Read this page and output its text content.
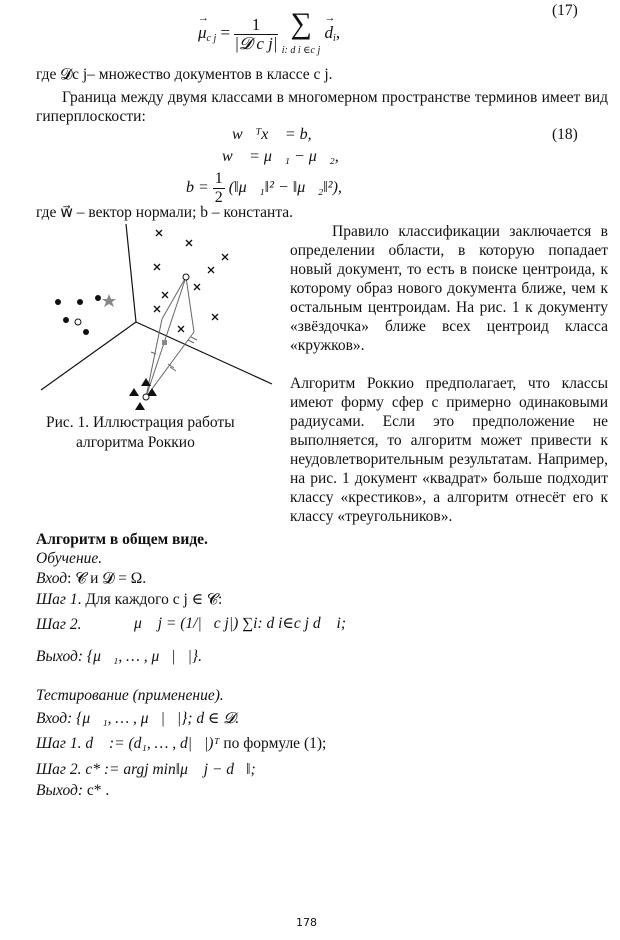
(17)
→ $\mu_{c j} = \frac{1}{\text{|𝓓 c j|}}$ ∑
i: d i ∈c $j \to d_i$,
где 𝓓c j– множество документов в классе c j.
Граница между двумя классами в многомерном пространстве терминов имеет вид гиперплоскости:
(18)
w⃗ᵀx⃗ = b,
w⃗ = μ⃗₁ − μ⃗₂,
$b = \frac{1}{2}$ (‖μ⃗₁‖² − ‖μ⃗₂‖²),
где w⃗ – вектор нормали; b – константа.
Рис. 1. Иллюстрация работы
алгоритма Роккио
Правило классификации заключается в определении области, в которую попадает новый документ, то есть в поиске центроида, к которому образ нового документа ближе, чем к остальным центроидам. На рис. 1 к документу «звёздочка» ближе всех центроид класса «кружков».
Алгоритм Роккио предполагает, что классы имеют форму сфер с примерно одинаковыми радиусами. Если это предположение не выполняется, то алгоритм может привести к неудовлетворительным результатам. Например, на рис. 1 документ «квадрат» больше подходит классу «крестиков», а алгоритм отнесёт его к классу «треугольников».
Алгоритм в общем виде.
Обучение.
Вход: 𝓒 и 𝓓 = Ω.
Шаг 1. Для каждого c j ∈ 𝓒:
Шаг 2.	μ⃗ j = (1/|𝓓c j|) ∑i: d i∈c j d⃗ i;
Выход: {μ⃗₁, … , μ⃗|𝓒|}.
Тестирование (применение).
Вход: {μ⃗₁, … , μ⃗|𝓒|}; d ∈ 𝓓.
Шаг 1. d⃗ := (d₁, … , d|𝒯|)ᵀ по формуле (1);
Шаг 2. c* := argj min‖μ⃗ j − d⃗‖;
Выход: c* .
178
